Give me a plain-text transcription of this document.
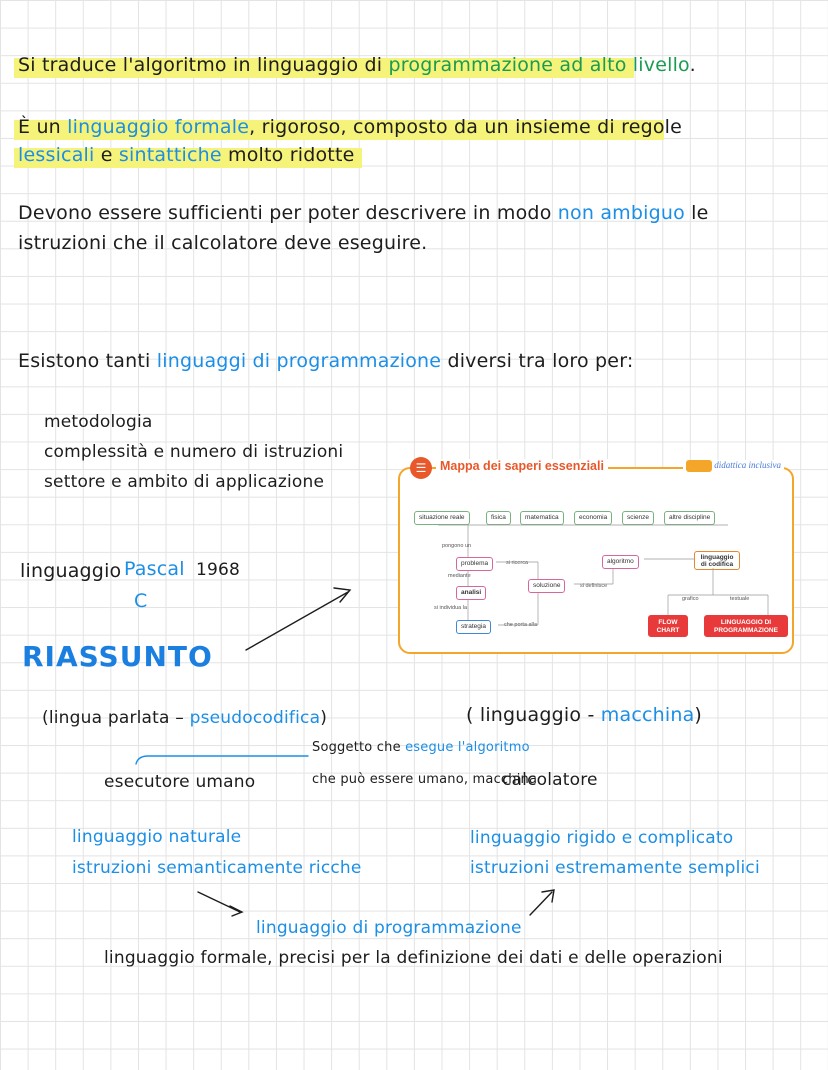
Si traduce l'algoritmo in linguaggio di programmazione ad alto livello.
È un linguaggio formale, rigoroso, composto da un insieme di regole
lessicali e sintattiche molto ridotte
Devono essere sufficienti per poter descrivere in modo non ambiguo le
istruzioni che il calcolatore deve eseguire.
Esistono tanti linguaggi di programmazione diversi tra loro per:
metodologia
complessità e numero di istruzioni
settore e ambito di applicazione
linguaggio Pascal 1968
C
RIASSUNTO
☰	Mappa dei saperi essenziali	didattica inclusiva
situazione reale	fisica	matematica	economia	scienze	altre discipline
pongono un
problema	si ricerca	algoritmo
linguaggio di codifica
mediante
analisi
soluzione	si definisce
grafico	testuale
si individua la
strategia	che porta alla	FLOW CHART
LINGUAGGIO DI PROGRAMMAZIONE
(lingua parlata – pseudocodifica)
esecutore umano
linguaggio naturale
istruzioni semanticamente ricche
Soggetto che esegue l'algoritmo
che può essere umano, macchina
( linguaggio - macchina)
calcolatore
linguaggio rigido e complicato
istruzioni estremamente semplici
linguaggio di programmazione
linguaggio formale, precisi per la definizione dei dati e delle operazioni
